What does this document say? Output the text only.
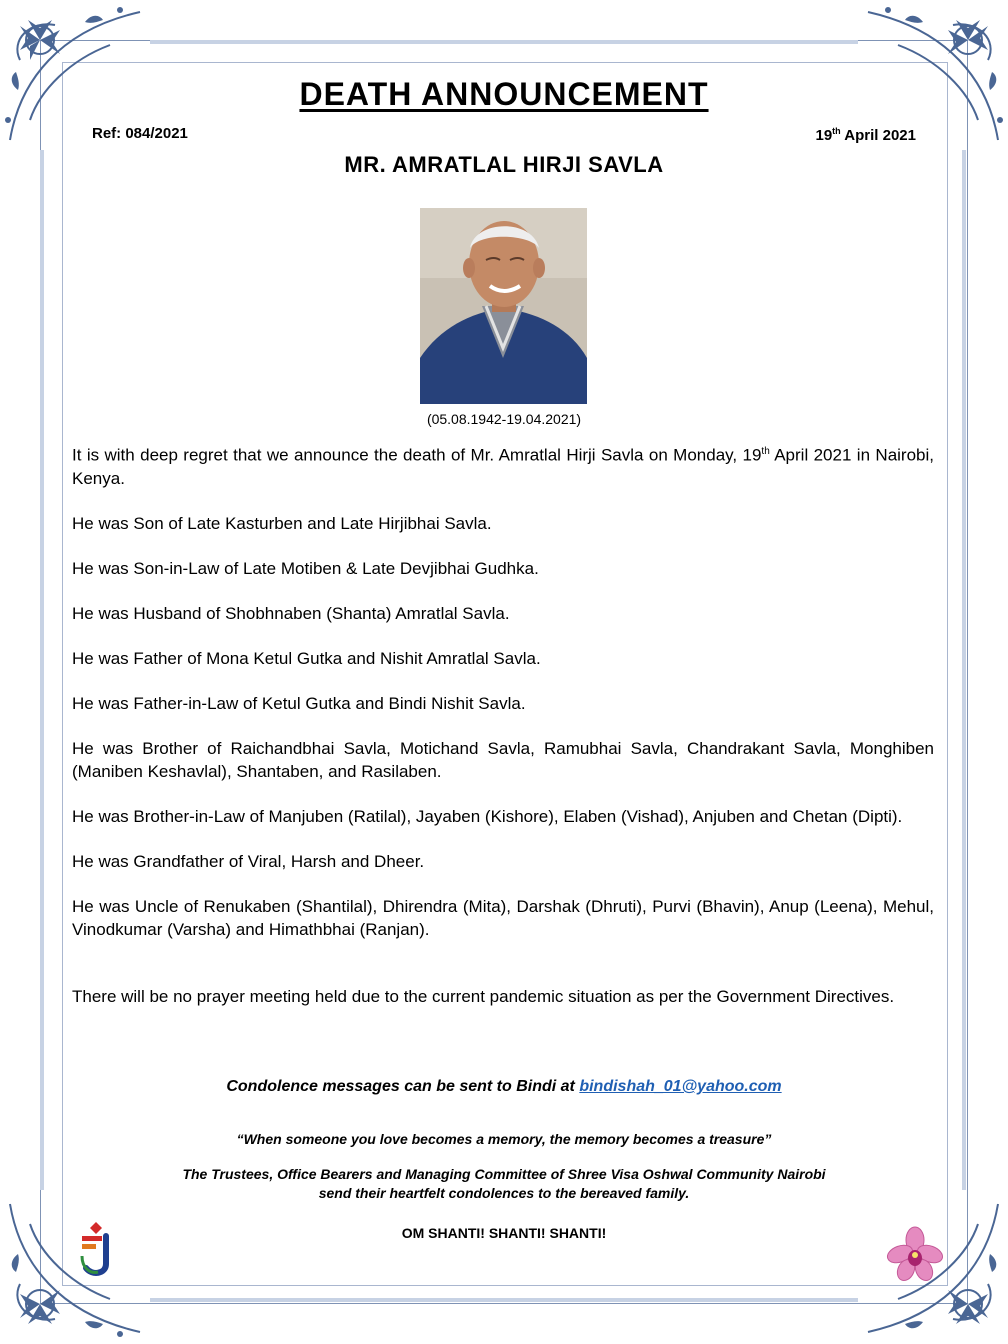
DEATH ANNOUNCEMENT
Ref: 084/2021	19th April 2021
MR. AMRATLAL HIRJI SAVLA
(05.08.1942-19.04.2021)

It is with deep regret that we announce the death of Mr. Amratlal Hirji Savla on Monday, 19th April 2021 in Nairobi, Kenya.

He was Son of Late Kasturben and Late Hirjibhai Savla.

He was Son-in-Law of Late Motiben & Late Devjibhai Gudhka.

He was Husband of Shobhnaben (Shanta) Amratlal Savla.

He was Father of Mona Ketul Gutka and Nishit Amratlal Savla.

He was Father-in-Law of Ketul Gutka and Bindi Nishit Savla.

He was Brother of Raichandbhai Savla, Motichand Savla, Ramubhai Savla, Chandrakant Savla, Monghiben (Maniben Keshavlal), Shantaben, and Rasilaben.

He was Brother-in-Law of Manjuben (Ratilal), Jayaben (Kishore), Elaben (Vishad), Anjuben and Chetan (Dipti).

He was Grandfather of Viral, Harsh and Dheer.

He was Uncle of Renukaben (Shantilal), Dhirendra (Mita), Darshak (Dhruti), Purvi (Bhavin), Anup (Leena), Mehul, Vinodkumar (Varsha) and Himathbhai (Ranjan).

There will be no prayer meeting held due to the current pandemic situation as per the Government Directives.

Condolence messages can be sent to Bindi at bindishah_01@yahoo.com
“When someone you love becomes a memory, the memory becomes a treasure”
The Trustees, Office Bearers and Managing Committee of Shree Visa Oshwal Community Nairobi
send their heartfelt condolences to the bereaved family.
OM SHANTI! SHANTI! SHANTI!
